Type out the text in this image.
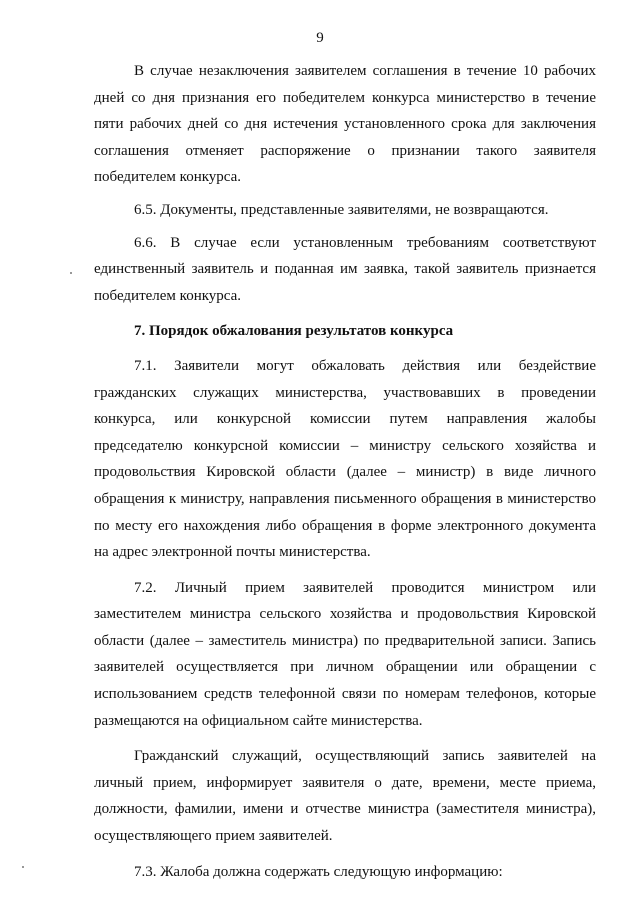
9

В случае незаключения заявителем соглашения в течение 10 рабочих дней со дня признания его победителем конкурса министерство в течение пяти рабочих дней со дня истечения установленного срока для заключения соглашения отменяет распоряжение о признании такого заявителя победителем конкурса.

6.5. Документы, представленные заявителями, не возвращаются.

6.6. В случае если установленным требованиям соответствуют единственный заявитель и поданная им заявка, такой заявитель признается победителем конкурса.

7. Порядок обжалования результатов конкурса

7.1. Заявители могут обжаловать действия или бездействие гражданских служащих министерства, участвовавших в проведении конкурса, или конкурсной комиссии путем направления жалобы председателю конкурсной комиссии – министру сельского хозяйства и продовольствия Кировской области (далее – министр) в виде личного обращения к министру, направления письменного обращения в министерство по месту его нахождения либо обращения в форме электронного документа на адрес электронной почты министерства.

7.2. Личный прием заявителей проводится министром или заместителем министра сельского хозяйства и продовольствия Кировской области (далее – заместитель министра) по предварительной записи. Запись заявителей осуществляется при личном обращении или обращении с использованием средств телефонной связи по номерам телефонов, которые размещаются на официальном сайте министерства.

Гражданский служащий, осуществляющий запись заявителей на личный прием, информирует заявителя о дате, времени, месте приема, должности, фамилии, имени и отчестве министра (заместителя министра), осуществляющего прием заявителей.

7.3. Жалоба должна содержать следующую информацию:
